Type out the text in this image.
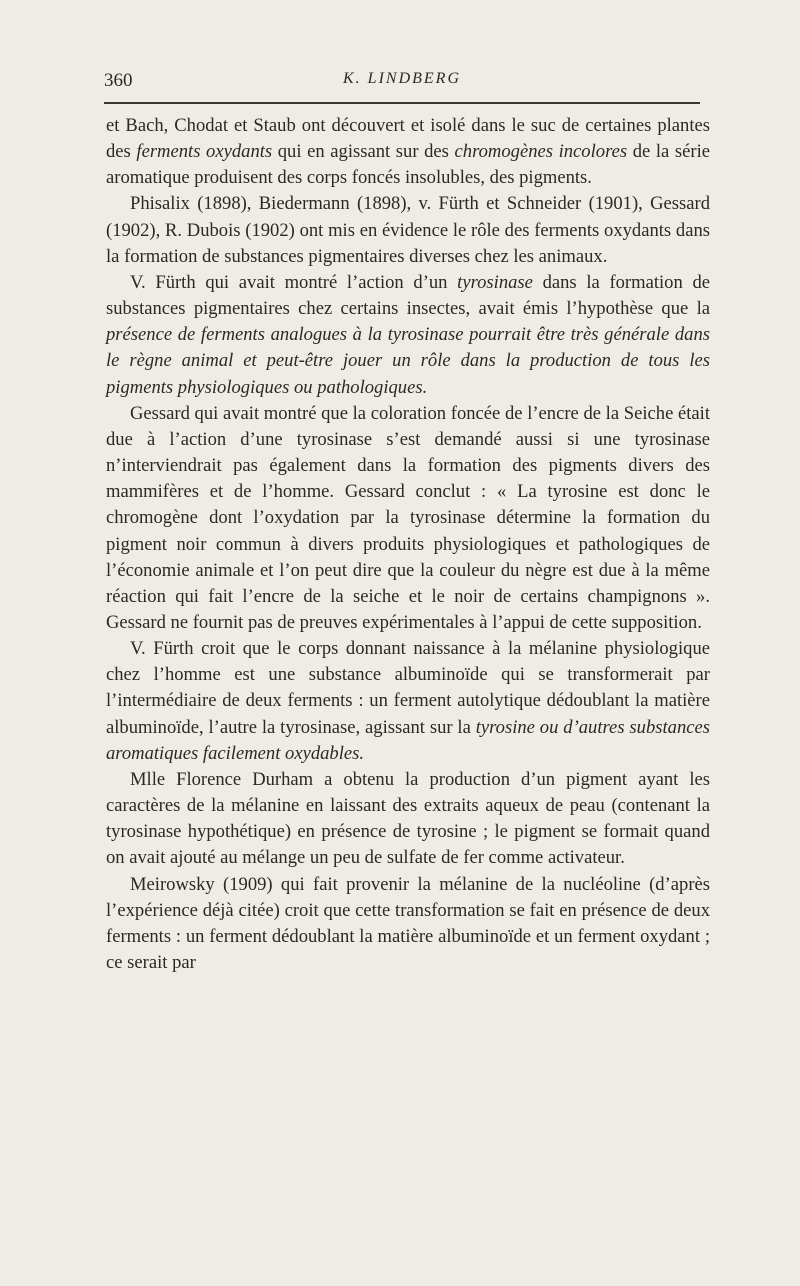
360	K. LINDBERG

et Bach, Chodat et Staub ont découvert et isolé dans le suc de certaines plantes des ferments oxydants qui en agissant sur des chromogènes incolores de la série aromatique produisent des corps foncés insolubles, des pigments.

Phisalix (1898), Biedermann (1898), v. Fürth et Schneider (1901), Gessard (1902), R. Dubois (1902) ont mis en évidence le rôle des ferments oxydants dans la formation de substances pigmentaires diverses chez les animaux.

V. Fürth qui avait montré l’action d’un tyrosinase dans la formation de substances pigmentaires chez certains insectes, avait émis l’hypothèse que la présence de ferments analogues à la tyrosinase pourrait être très générale dans le règne animal et peut-être jouer un rôle dans la production de tous les pigments physiologiques ou pathologiques.

Gessard qui avait montré que la coloration foncée de l’encre de la Seiche était due à l’action d’une tyrosinase s’est demandé aussi si une tyrosinase n’interviendrait pas également dans la formation des pigments divers des mammifères et de l’homme. Gessard conclut : « La tyrosine est donc le chromogène dont l’oxydation par la tyrosinase détermine la formation du pigment noir commun à divers produits physiologiques et pathologiques de l’économie animale et l’on peut dire que la couleur du nègre est due à la même réaction qui fait l’encre de la seiche et le noir de certains champignons ». Gessard ne fournit pas de preuves expérimentales à l’appui de cette supposition.

V. Fürth croit que le corps donnant naissance à la mélanine physiologique chez l’homme est une substance albuminoïde qui se transformerait par l’intermédiaire de deux ferments : un ferment autolytique dédoublant la matière albuminoïde, l’autre la tyrosinase, agissant sur la tyrosine ou d’autres substances aromatiques facilement oxydables.

Mlle Florence Durham a obtenu la production d’un pigment ayant les caractères de la mélanine en laissant des extraits aqueux de peau (contenant la tyrosinase hypothétique) en présence de tyrosine ; le pigment se formait quand on avait ajouté au mélange un peu de sulfate de fer comme activateur.

Meirowsky (1909) qui fait provenir la mélanine de la nucléoline (d’après l’expérience déjà citée) croit que cette transformation se fait en présence de deux ferments : un ferment dédoublant la matière albuminoïde et un ferment oxydant ; ce serait par
